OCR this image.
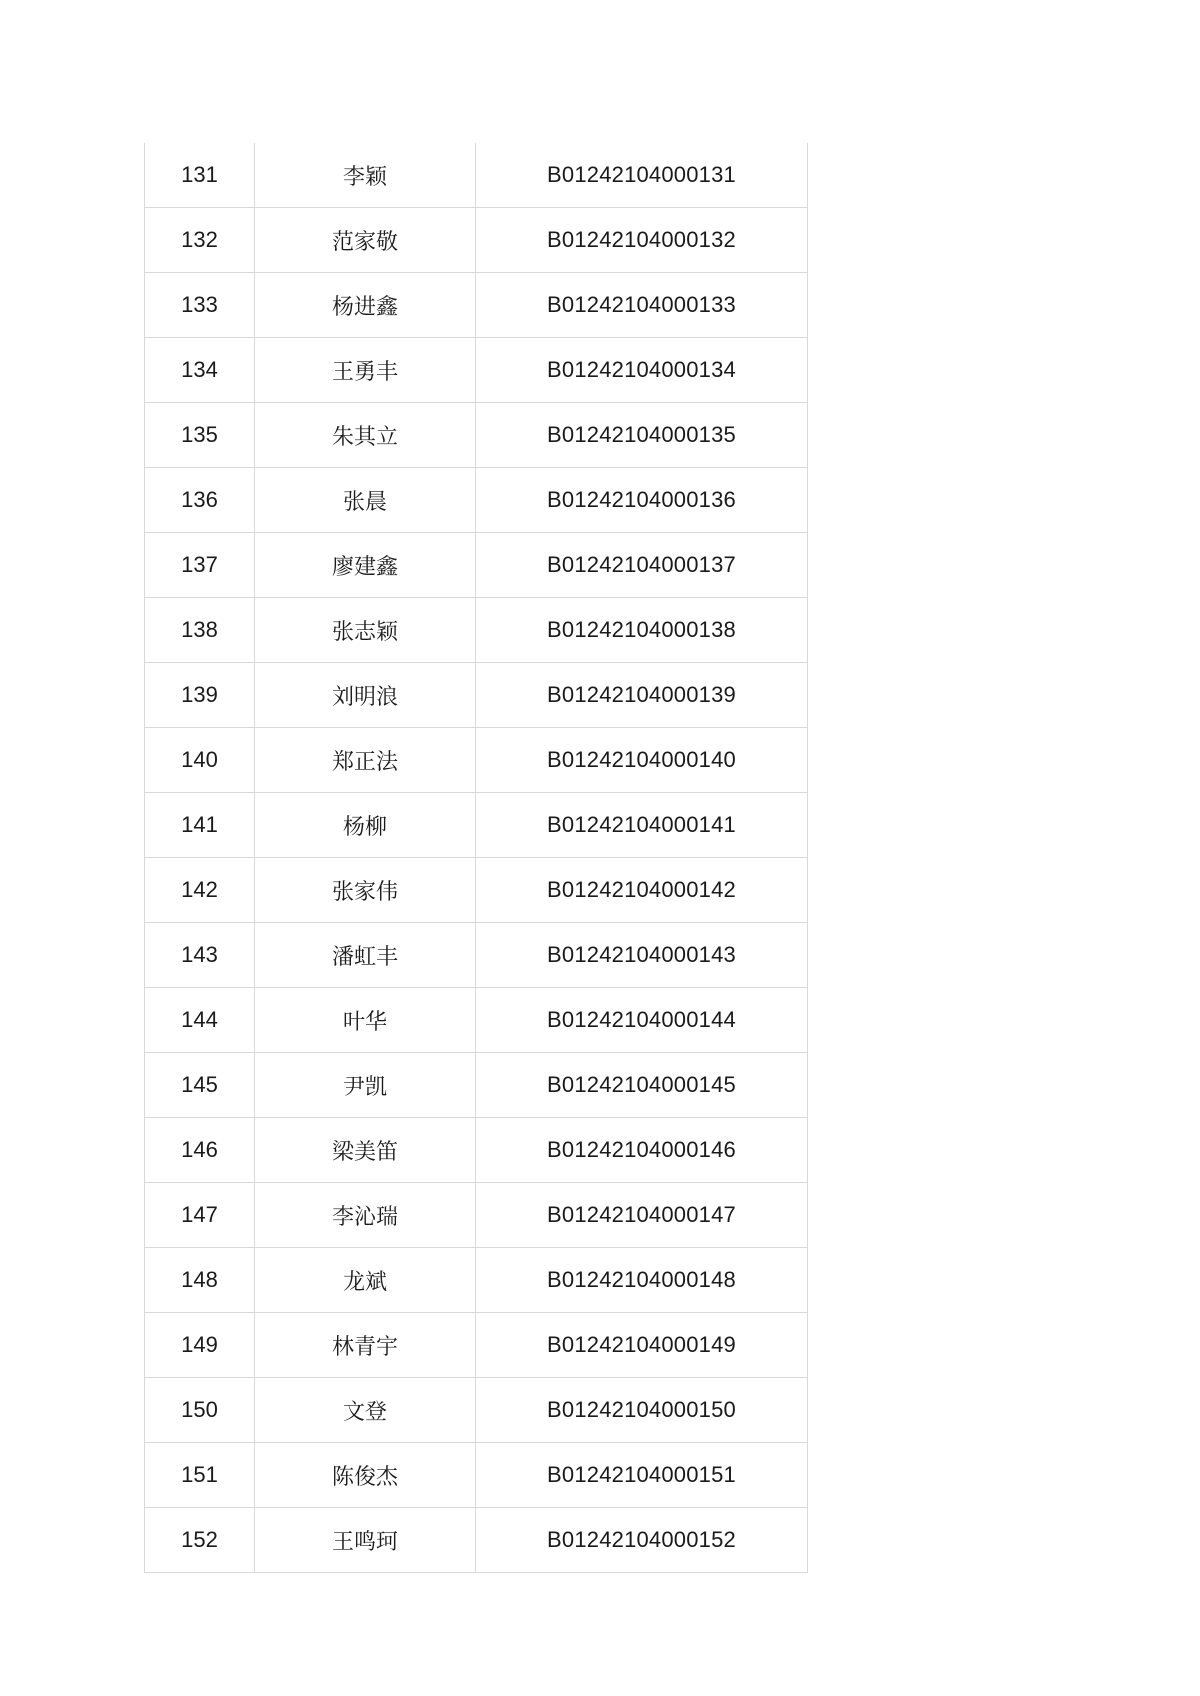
131	李颖	B01242104000131
132	范家敬	B01242104000132
133	杨进鑫	B01242104000133
134	王勇丰	B01242104000134
135	朱其立	B01242104000135
136	张晨	B01242104000136
137	廖建鑫	B01242104000137
138	张志颖	B01242104000138
139	刘明浪	B01242104000139
140	郑正法	B01242104000140
141	杨柳	B01242104000141
142	张家伟	B01242104000142
143	潘虹丰	B01242104000143
144	叶华	B01242104000144
145	尹凯	B01242104000145
146	梁美笛	B01242104000146
147	李沁瑞	B01242104000147
148	龙斌	B01242104000148
149	林青宇	B01242104000149
150	文登	B01242104000150
151	陈俊杰	B01242104000151
152	王鸣珂	B01242104000152
